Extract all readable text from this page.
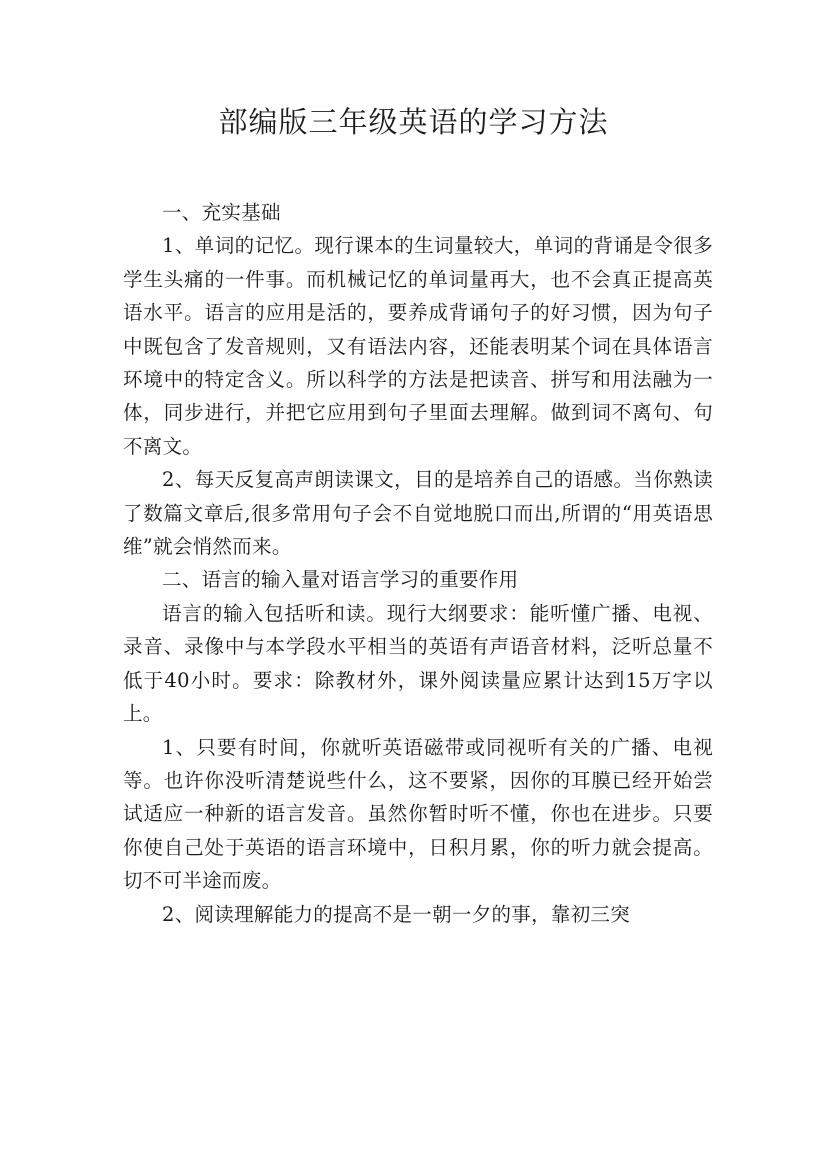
部编版三年级英语的学习方法

一、充实基础

1、单词的记忆。现行课本的生词量较大，单词的背诵是令很多学生头痛的一件事。而机械记忆的单词量再大，也不会真正提高英语水平。语言的应用是活的，要养成背诵句子的好习惯，因为句子中既包含了发音规则，又有语法内容，还能表明某个词在具体语言环境中的特定含义。所以科学的方法是把读音、拼写和用法融为一体，同步进行，并把它应用到句子里面去理解。做到词不离句、句不离文。

2、每天反复高声朗读课文，目的是培养自己的语感。当你熟读了数篇文章后,很多常用句子会不自觉地脱口而出,所谓的“用英语思维”就会悄然而来。

二、语言的输入量对语言学习的重要作用

语言的输入包括听和读。现行大纲要求：能听懂广播、电视、录音、录像中与本学段水平相当的英语有声语音材料，泛听总量不低于40小时。要求：除教材外，课外阅读量应累计达到15万字以上。

1、只要有时间，你就听英语磁带或同视听有关的广播、电视等。也许你没听清楚说些什么，这不要紧，因你的耳膜已经开始尝试适应一种新的语言发音。虽然你暂时听不懂，你也在进步。只要你使自己处于英语的语言环境中，日积月累，你的听力就会提高。切不可半途而废。

2、阅读理解能力的提高不是一朝一夕的事，靠初三突
